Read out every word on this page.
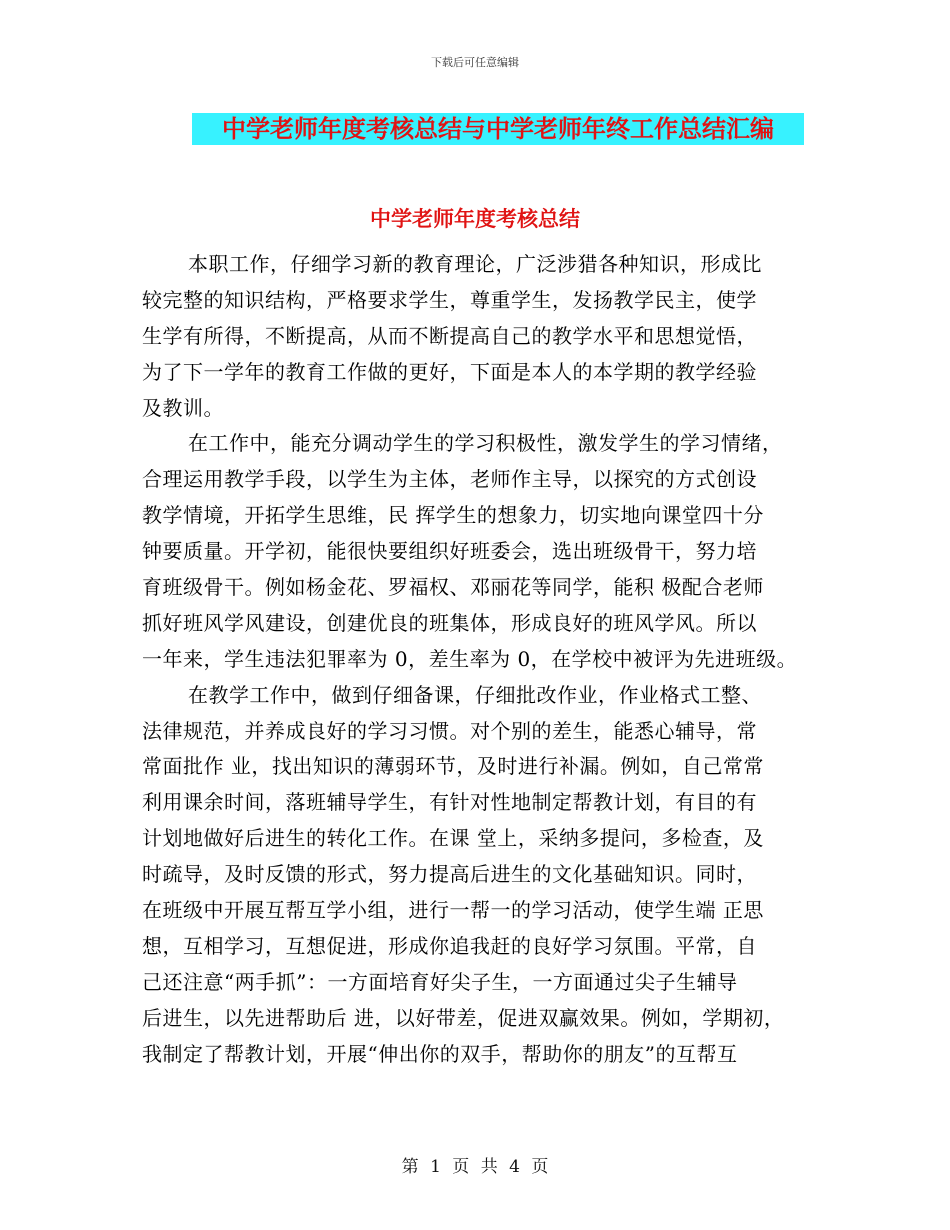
下载后可任意编辑
中学老师年度考核总结与中学老师年终工作总结汇编
中学老师年度考核总结
本职工作，仔细学习新的教育理论，广泛涉猎各种知识，形成比
较完整的知识结构，严格要求学生，尊重学生，发扬教学民主，使学
生学有所得，不断提高，从而不断提高自己的教学水平和思想觉悟，
为了下一学年的教育工作做的更好，下面是本人的本学期的教学经验
及教训。
在工作中，能充分调动学生的学习积极性，激发学生的学习情绪，
合理运用教学手段，以学生为主体，老师作主导，以探究的方式创设
教学情境，开拓学生思维，民 挥学生的想象力，切实地向课堂四十分
钟要质量。开学初，能很快要组织好班委会，选出班级骨干，努力培
育班级骨干。例如杨金花、罗福权、邓丽花等同学，能积 极配合老师
抓好班风学风建设，创建优良的班集体，形成良好的班风学风。所以
一年来，学生违法犯罪率为 0，差生率为 0，在学校中被评为先进班级。
在教学工作中，做到仔细备课，仔细批改作业，作业格式工整、
法律规范，并养成良好的学习习惯。对个别的差生，能悉心辅导，常
常面批作 业，找出知识的薄弱环节，及时进行补漏。例如，自己常常
利用课余时间，落班辅导学生，有针对性地制定帮教计划，有目的有
计划地做好后进生的转化工作。在课 堂上，采纳多提问，多检查，及
时疏导，及时反馈的形式，努力提高后进生的文化基础知识。同时，
在班级中开展互帮互学小组，进行一帮一的学习活动，使学生端 正思
想，互相学习，互想促进，形成你追我赶的良好学习氛围。平常，自
己还注意“两手抓”：一方面培育好尖子生，一方面通过尖子生辅导
后进生，以先进帮助后 进，以好带差，促进双赢效果。例如，学期初，
我制定了帮教计划，开展“伸出你的双手，帮助你的朋友”的互帮互
第 1 页 共 4 页
